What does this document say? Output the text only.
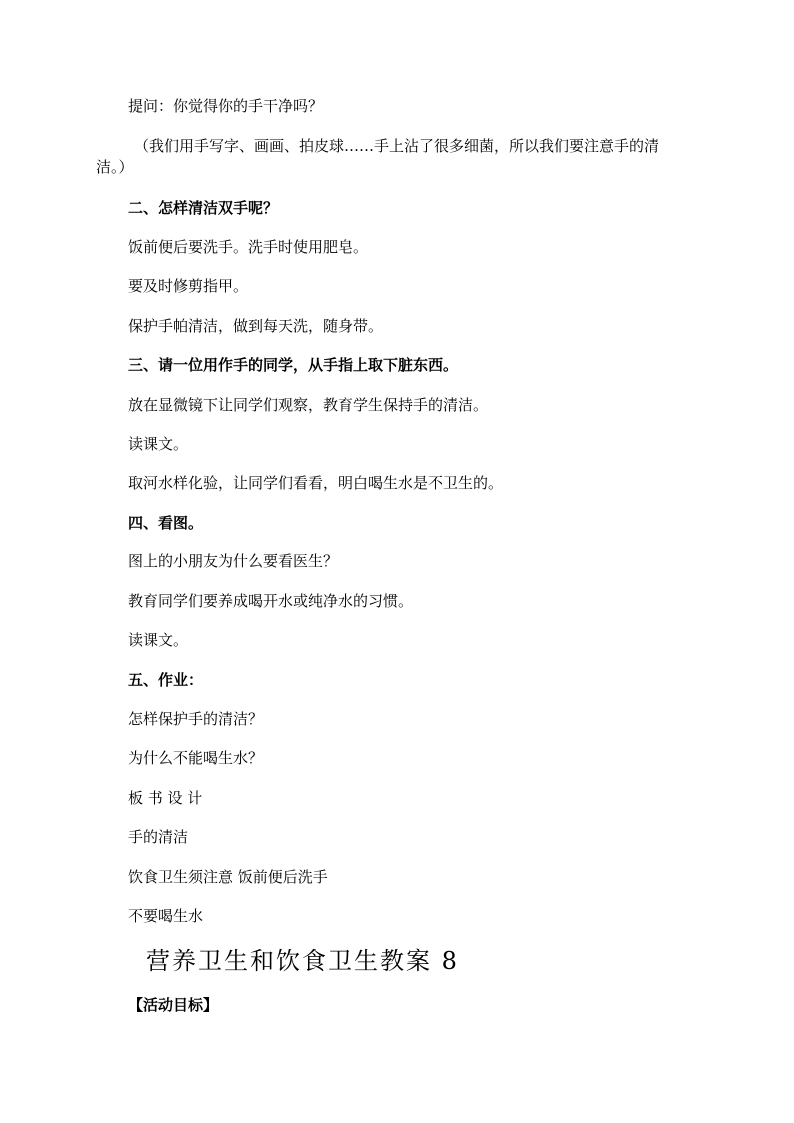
提问：你觉得你的手干净吗？
（我们用手写字、画画、拍皮球……手上沾了很多细菌，所以我们要注意手的清
洁。）
二、怎样清洁双手呢？
饭前便后要洗手。洗手时使用肥皂。
要及时修剪指甲。
保护手帕清洁，做到每天洗，随身带。
三、请一位用作手的同学，从手指上取下脏东西。
放在显微镜下让同学们观察，教育学生保持手的清洁。
读课文。
取河水样化验，让同学们看看，明白喝生水是不卫生的。
四、看图。
图上的小朋友为什么要看医生？
教育同学们要养成喝开水或纯净水的习惯。
读课文。
五、作业：
怎样保护手的清洁？
为什么不能喝生水？
板 书 设 计
手的清洁
饮食卫生须注意 饭前便后洗手
不要喝生水
营养卫生和饮食卫生教案 8
【活动目标】
